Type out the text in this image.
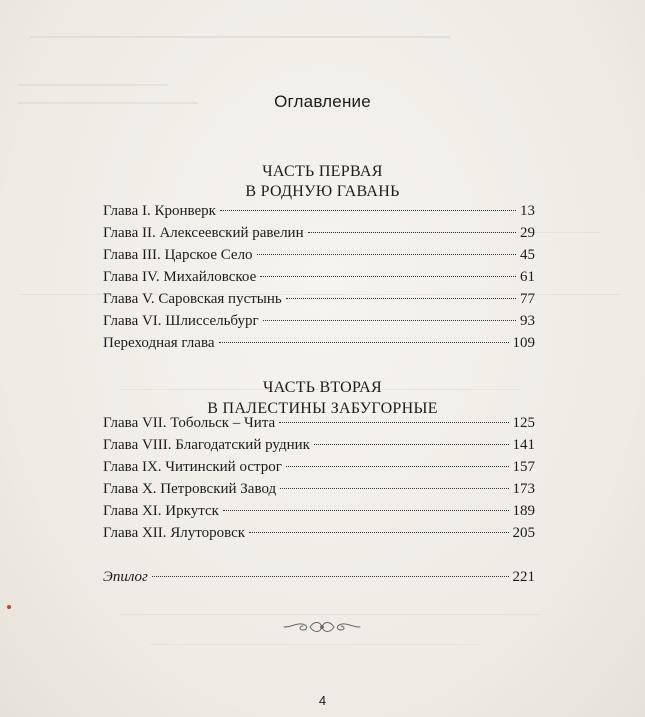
Оглавление
ЧАСТЬ ПЕРВАЯ
В РОДНУЮ ГАВАНЬ
Глава I. Кронверк	13
Глава II. Алексеевский равелин	29
Глава III. Царское Село	45
Глава IV. Михайловское	61
Глава V. Саровская пустынь	77
Глава VI. Шлиссельбург	93
Переходная глава	109
ЧАСТЬ ВТОРАЯ
В ПАЛЕСТИНЫ ЗАБУГОРНЫЕ
Глава VII. Тобольск – Чита	125
Глава VIII. Благодатский рудник	141
Глава IX. Читинский острог	157
Глава X. Петровский Завод	173
Глава XI. Иркутск	189
Глава XII. Ялуторовск	205
Эпилог	221
4
